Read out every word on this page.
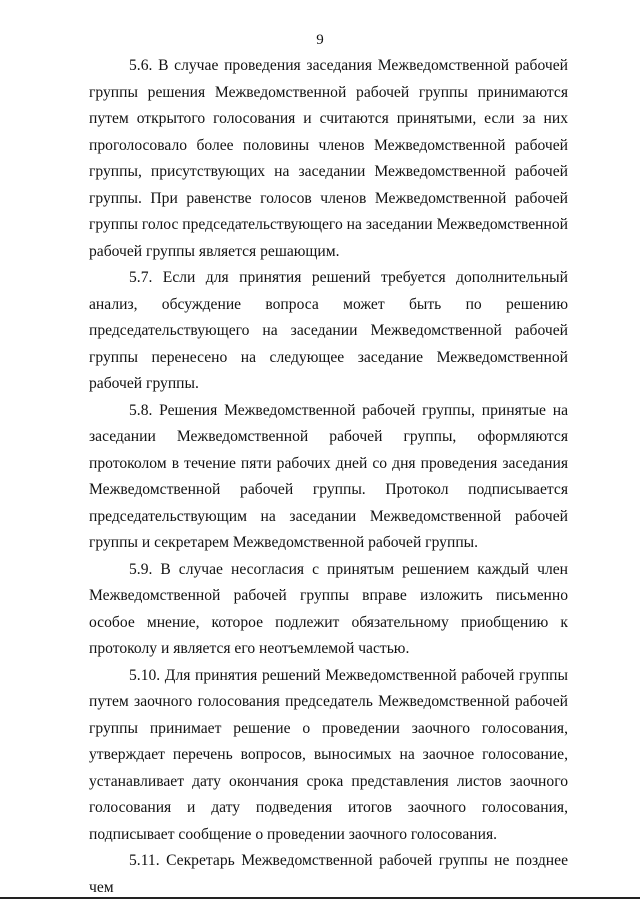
9

5.6. В случае проведения заседания Межведомственной рабочей группы решения Межведомственной рабочей группы принимаются путем открытого голосования и считаются принятыми, если за них проголосовало более половины членов Межведомственной рабочей группы, присутствующих на заседании Межведомственной рабочей группы. При равенстве голосов членов Межведомственной рабочей группы голос председательствующего на заседании Межведомственной рабочей группы является решающим.

5.7. Если для принятия решений требуется дополнительный анализ, обсуждение вопроса может быть по решению председательствующего на заседании Межведомственной рабочей группы перенесено на следующее заседание Межведомственной рабочей группы.

5.8. Решения Межведомственной рабочей группы, принятые на заседании Межведомственной рабочей группы, оформляются протоколом в течение пяти рабочих дней со дня проведения заседания Межведомственной рабочей группы. Протокол подписывается председательствующим на заседании Межведомственной рабочей группы и секретарем Межведомственной рабочей группы.

5.9. В случае несогласия с принятым решением каждый член Межведомственной рабочей группы вправе изложить письменно особое мнение, которое подлежит обязательному приобщению к протоколу и является его неотъемлемой частью.

5.10. Для принятия решений Межведомственной рабочей группы путем заочного голосования председатель Межведомственной рабочей группы принимает решение о проведении заочного голосования, утверждает перечень вопросов, выносимых на заочное голосование, устанавливает дату окончания срока представления листов заочного голосования и дату подведения итогов заочного голосования, подписывает сообщение о проведении заочного голосования.

5.11. Секретарь Межведомственной рабочей группы не позднее чем
